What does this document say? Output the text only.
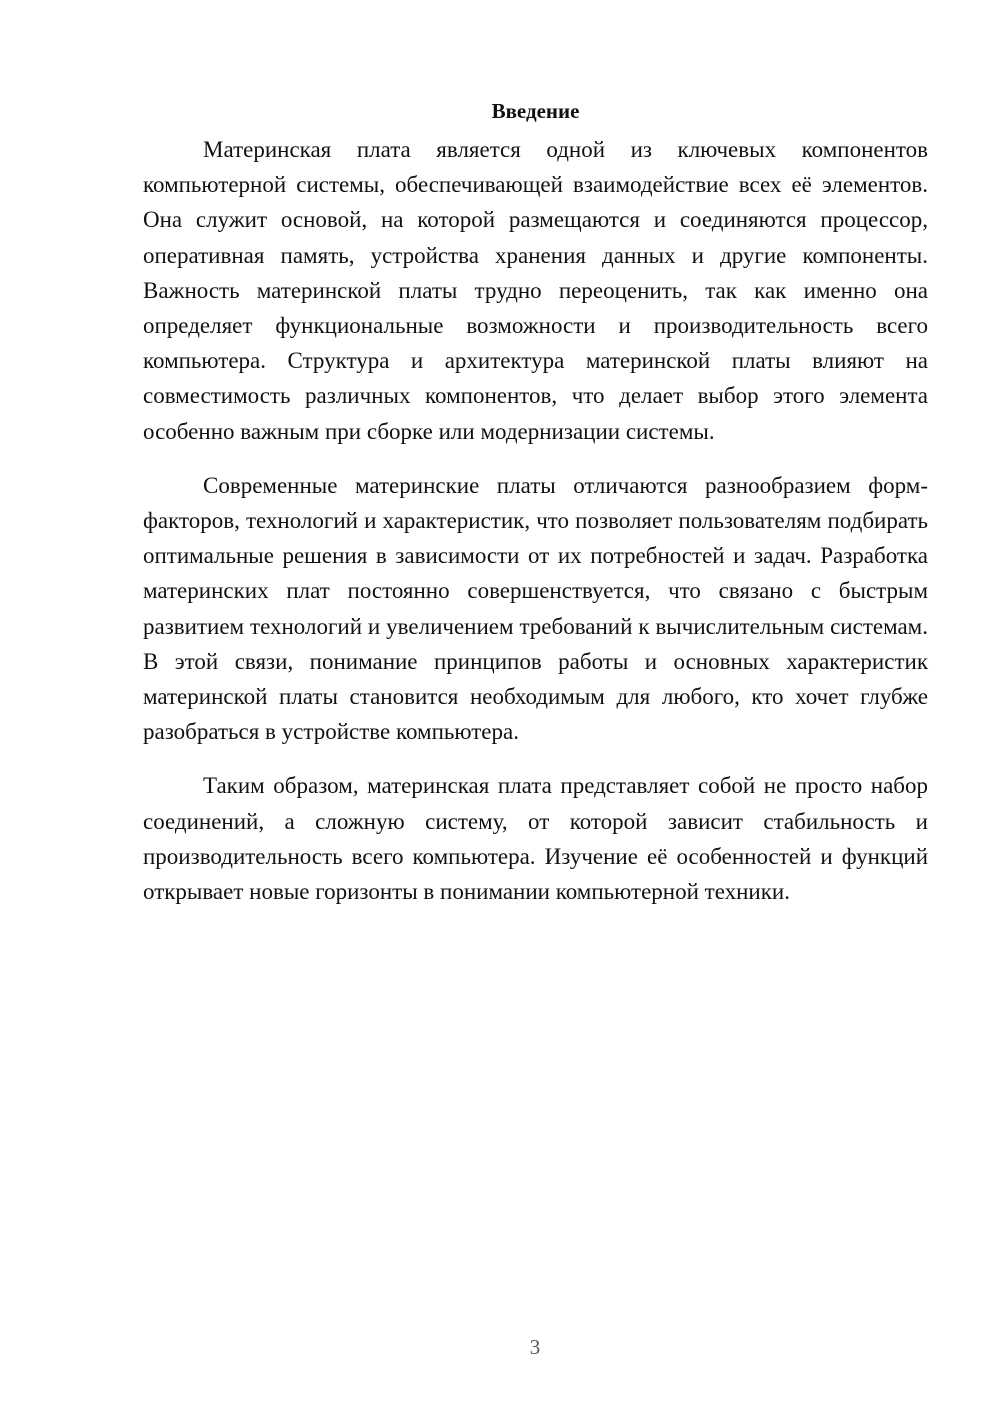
Введение

Материнская плата является одной из ключевых компонентов компьютерной системы, обеспечивающей взаимодействие всех её элементов. Она служит основой, на которой размещаются и соединяются процессор, оперативная память, устройства хранения данных и другие компоненты. Важность материнской платы трудно переоценить, так как именно она определяет функциональные возможности и производительность всего компьютера. Структура и архитектура материнской платы влияют на совместимость различных компонентов, что делает выбор этого элемента особенно важным при сборке или модернизации системы.

Современные материнские платы отличаются разнообразием форм-факторов, технологий и характеристик, что позволяет пользователям подбирать оптимальные решения в зависимости от их потребностей и задач. Разработка материнских плат постоянно совершенствуется, что связано с быстрым развитием технологий и увеличением требований к вычислительным системам. В этой связи, понимание принципов работы и основных характеристик материнской платы становится необходимым для любого, кто хочет глубже разобраться в устройстве компьютера.

Таким образом, материнская плата представляет собой не просто набор соединений, а сложную систему, от которой зависит стабильность и производительность всего компьютера. Изучение её особенностей и функций открывает новые горизонты в понимании компьютерной техники.

3
